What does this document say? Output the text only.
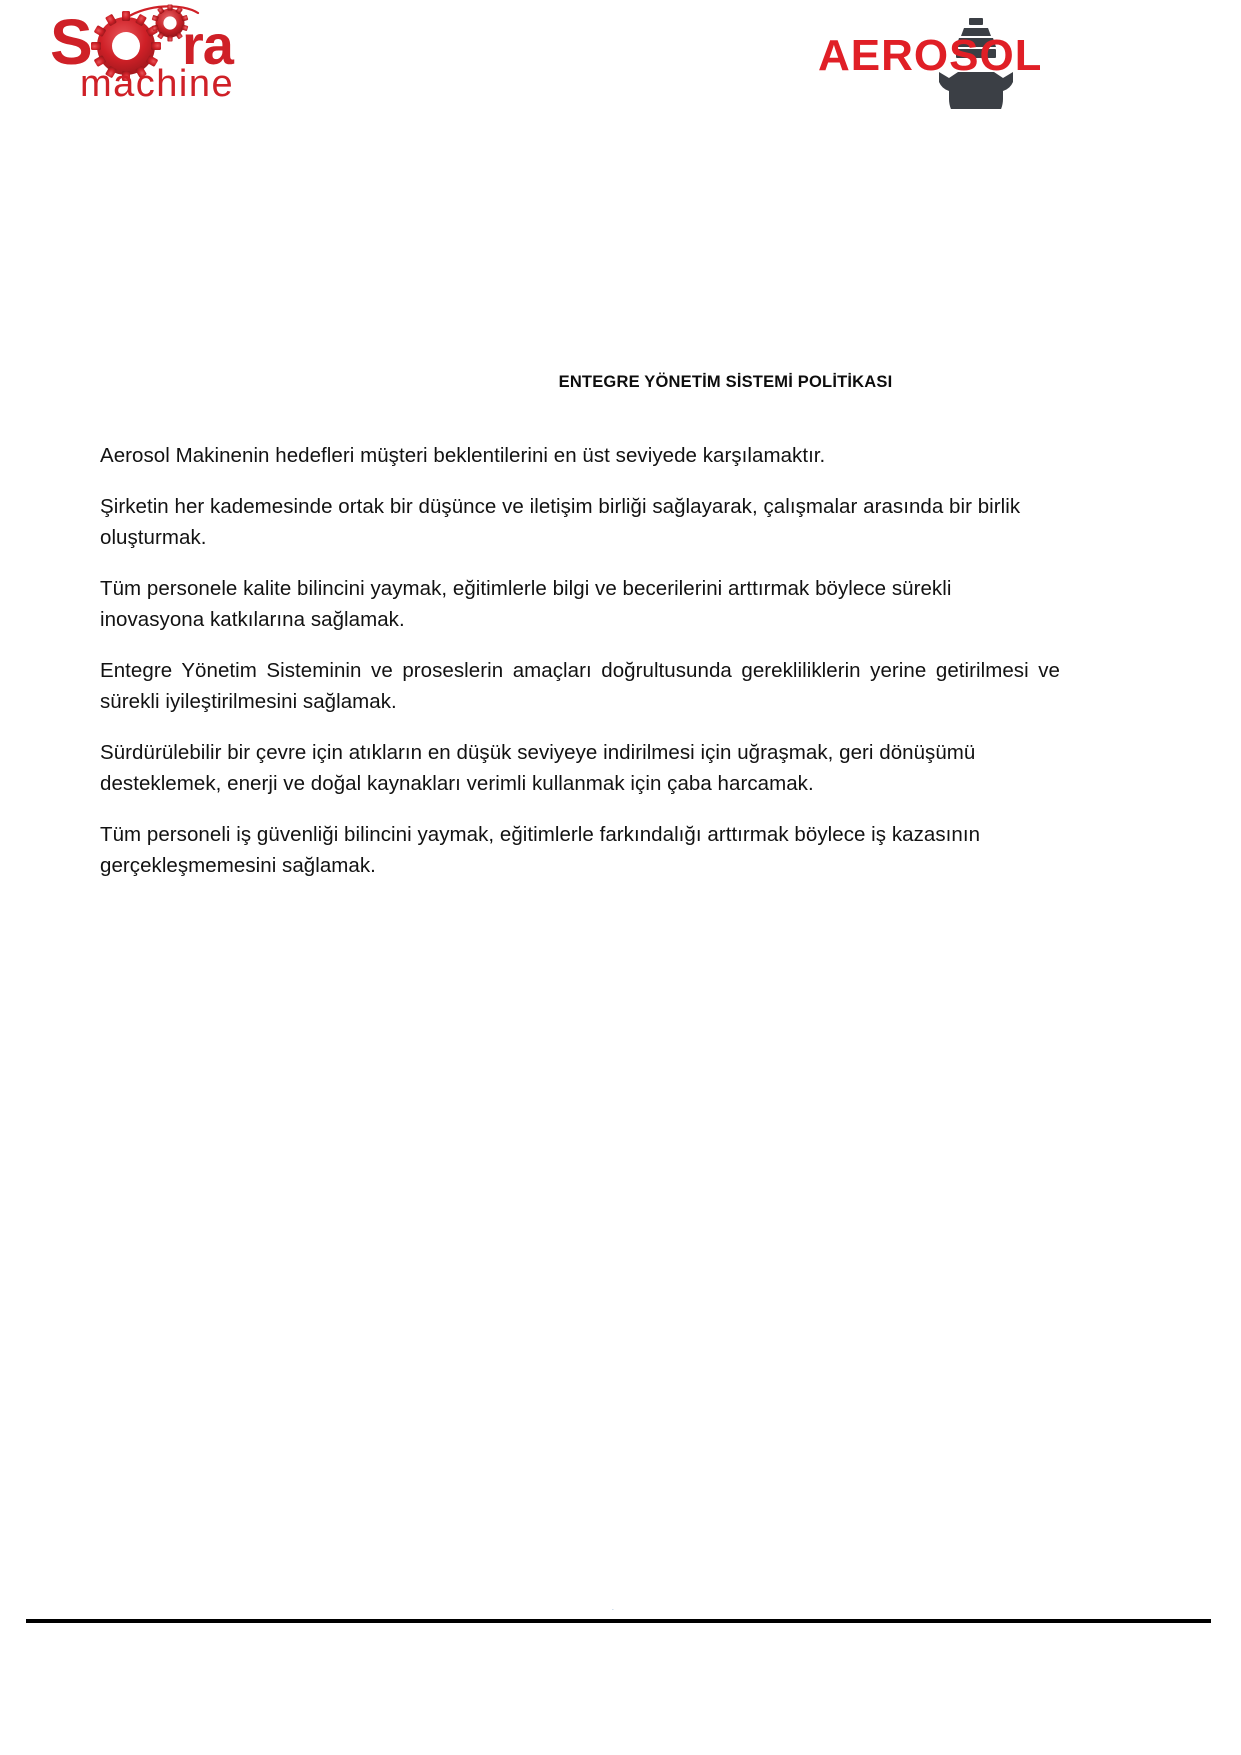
S ra
machine
AEROSOL
ENTEGRE YÖNETİM SİSTEMİ POLİTİKASI

Aerosol Makinenin hedefleri müşteri beklentilerini en üst seviyede karşılamaktır.

Şirketin her kademesinde ortak bir düşünce ve iletişim birliği sağlayarak, çalışmalar arasında bir birlik oluşturmak.

Tüm personele kalite bilincini yaymak, eğitimlerle bilgi ve becerilerini arttırmak böylece sürekli inovasyona katkılarına sağlamak.

Entegre Yönetim Sisteminin ve proseslerin amaçları doğrultusunda gerekliliklerin yerine getirilmesi ve sürekli iyileştirilmesini sağlamak.

Sürdürülebilir bir çevre için atıkların en düşük seviyeye indirilmesi için uğraşmak, geri dönüşümü desteklemek, enerji ve doğal kaynakları verimli kullanmak için çaba harcamak.

Tüm personeli iş güvenliği bilincini yaymak, eğitimlerle farkındalığı arttırmak böylece iş kazasının gerçekleşmemesini sağlamak.

-
